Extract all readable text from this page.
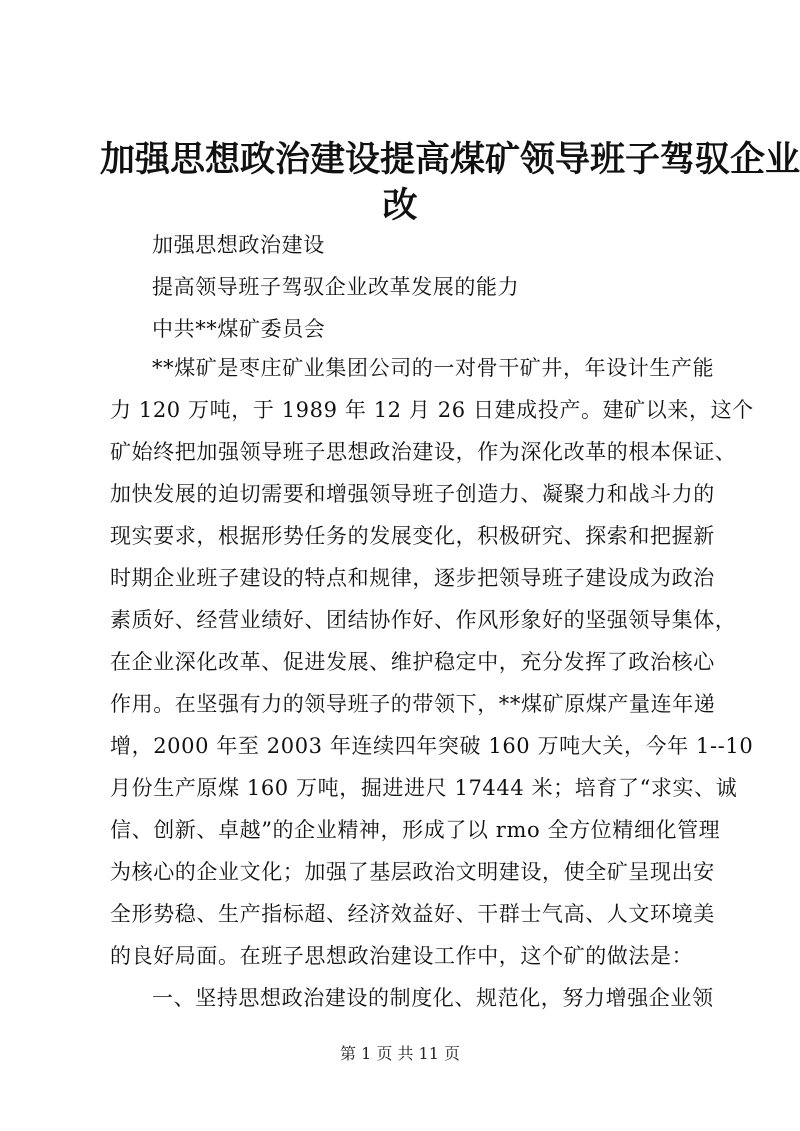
加强思想政治建设提高煤矿领导班子驾驭企业
改
加强思想政治建设
提高领导班子驾驭企业改革发展的能力
中共**煤矿委员会
**煤矿是枣庄矿业集团公司的一对骨干矿井，年设计生产能
力 120 万吨，于 1989 年 12 月 26 日建成投产。建矿以来，这个
矿始终把加强领导班子思想政治建设，作为深化改革的根本保证、
加快发展的迫切需要和增强领导班子创造力、凝聚力和战斗力的
现实要求，根据形势任务的发展变化，积极研究、探索和把握新
时期企业班子建设的特点和规律，逐步把领导班子建设成为政治
素质好、经营业绩好、团结协作好、作风形象好的坚强领导集体，
在企业深化改革、促进发展、维护稳定中，充分发挥了政治核心
作用。在坚强有力的领导班子的带领下，**煤矿原煤产量连年递
增，2000 年至 2003 年连续四年突破 160 万吨大关，今年 1--10
月份生产原煤 160 万吨，掘进进尺 17444 米；培育了“求实、诚
信、创新、卓越”的企业精神，形成了以 rmo 全方位精细化管理
为核心的企业文化；加强了基层政治文明建设，使全矿呈现出安
全形势稳、生产指标超、经济效益好、干群士气高、人文环境美
的良好局面。在班子思想政治建设工作中，这个矿的做法是：
一、坚持思想政治建设的制度化、规范化，努力增强企业领
第 1 页 共 11 页
